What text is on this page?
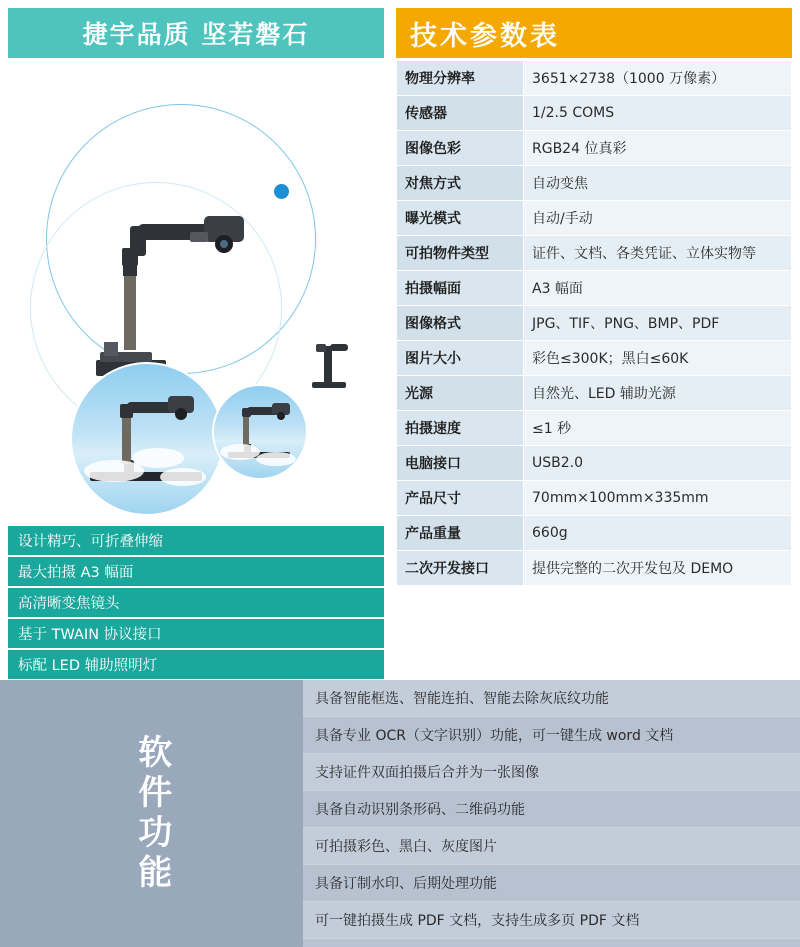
捷宇品质 坚若磐石
设计精巧、可折叠伸缩
最大拍摄 A3 幅面
高清晰变焦镜头
基于 TWAIN 协议接口
标配 LED 辅助照明灯
技术参数表
物理分辨率	3651×2738（1000 万像素）
传感器	1/2.5 COMS
图像色彩	RGB24 位真彩
对焦方式	自动变焦
曝光模式	自动/手动
可拍物件类型	证件、文档、各类凭证、立体实物等
拍摄幅面	A3 幅面
图像格式	JPG、TIF、PNG、BMP、PDF
图片大小	彩色≤300K；黑白≤60K
光源	自然光、LED 辅助光源
拍摄速度	≤1 秒
电脑接口	USB2.0
产品尺寸	70mm×100mm×335mm
产品重量	660g
二次开发接口	提供完整的二次开发包及 DEMO
软件功能
具备智能框选、智能连拍、智能去除灰底纹功能
具备专业 OCR（文字识别）功能，可一键生成 word 文档
支持证件双面拍摄后合并为一张图像
具备自动识别条形码、二维码功能
可拍摄彩色、黑白、灰度图片
具备订制水印、后期处理功能
可一键拍摄生成 PDF 文档，支持生成多页 PDF 文档
